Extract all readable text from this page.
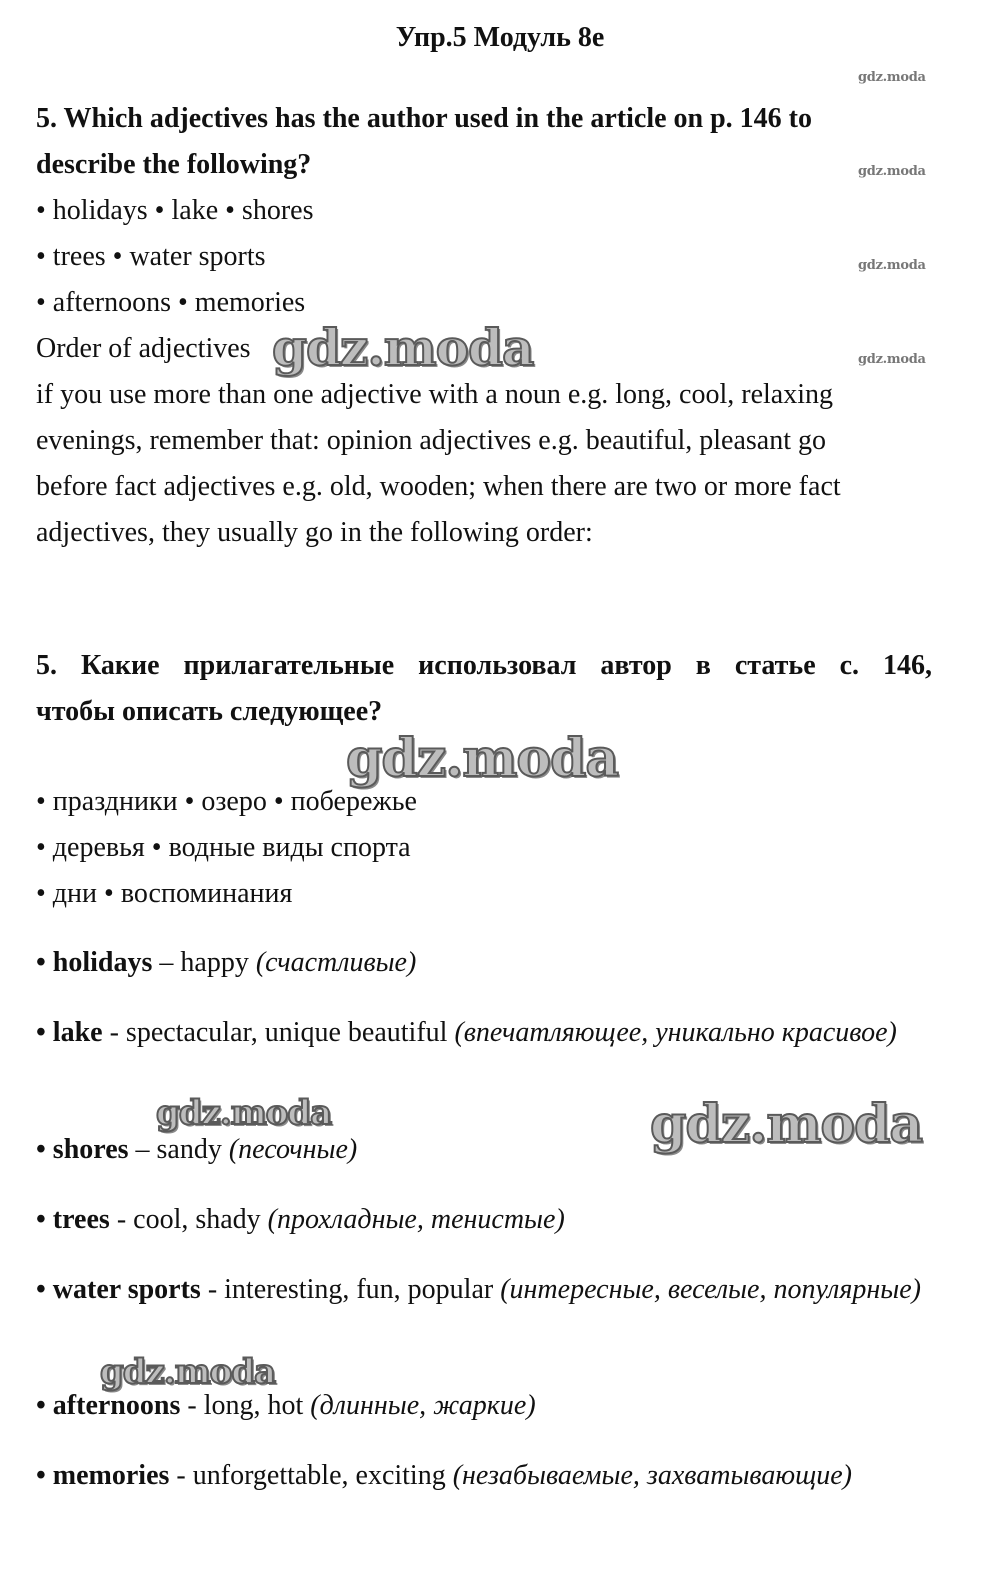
Упр.5 Модуль 8e
gdz.moda
gdz.moda
gdz.moda
gdz.moda
5. Which adjectives has the author used in the article on p. 146 to
describe the following?
• holidays • lake • shores
• trees • water sports
• afternoons • memories
Order of adjectives
if you use more than one adjective with a noun e.g. long, cool, relaxing
evenings, remember that: opinion adjectives e.g. beautiful, pleasant go
before fact adjectives e.g. old, wooden; when there are two or more fact
adjectives, they usually go in the following order:
gdz.moda
5. Какие прилагательные использовал автор в статье с. 146,
чтобы описать следующее?
gdz.moda
• праздники • озеро • побережье
• деревья • водные виды спорта
• дни • воспоминания
• holidays – happy (счастливые)
• lake - spectacular, unique beautiful (впечатляющее, уникально красивое)
gdz.moda	gdz.moda
• shores – sandy (песочные)
• trees - cool, shady (прохладные, тенистые)
• water sports - interesting, fun, popular (интересные, веселые, популярные)
gdz.moda
• afternoons - long, hot (длинные, жаркие)
• memories - unforgettable, exciting (незабываемые, захватывающие)
